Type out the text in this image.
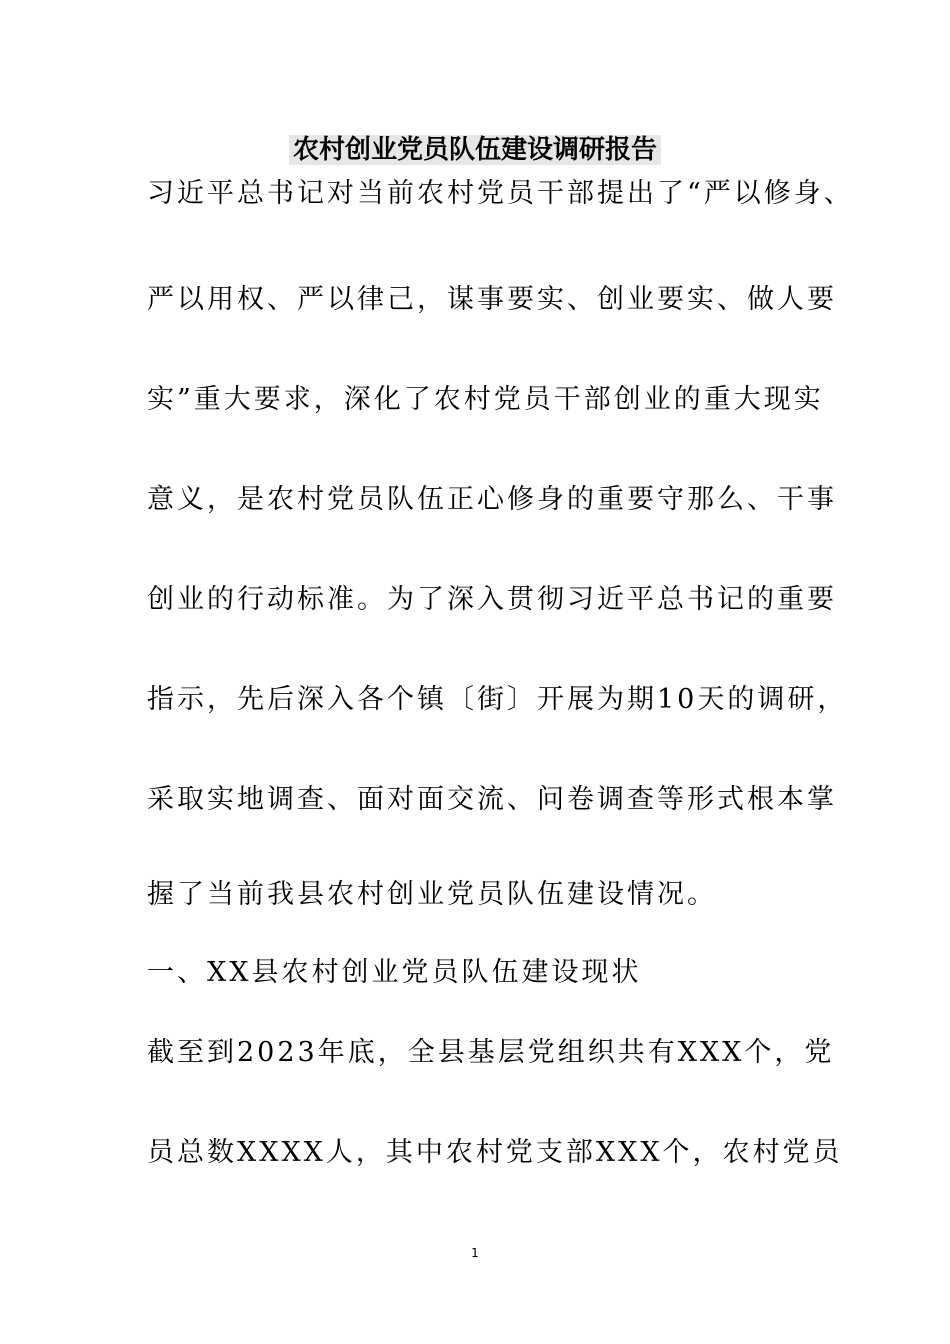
农村创业党员队伍建设调研报告
习近平总书记对当前农村党员干部提出了“严以修身、
严以用权、严以律己，谋事要实、创业要实、做人要
实”重大要求，深化了农村党员干部创业的重大现实
意义，是农村党员队伍正心修身的重要守那么、干事
创业的行动标准。为了深入贯彻习近平总书记的重要
指示，先后深入各个镇〔街〕开展为期10天的调研，
采取实地调查、面对面交流、问卷调查等形式根本掌
握了当前我县农村创业党员队伍建设情况。
一、XX县农村创业党员队伍建设现状
截至到2023年底，全县基层党组织共有XXX个，党
员总数XXXX人，其中农村党支部XXX个，农村党员
1
